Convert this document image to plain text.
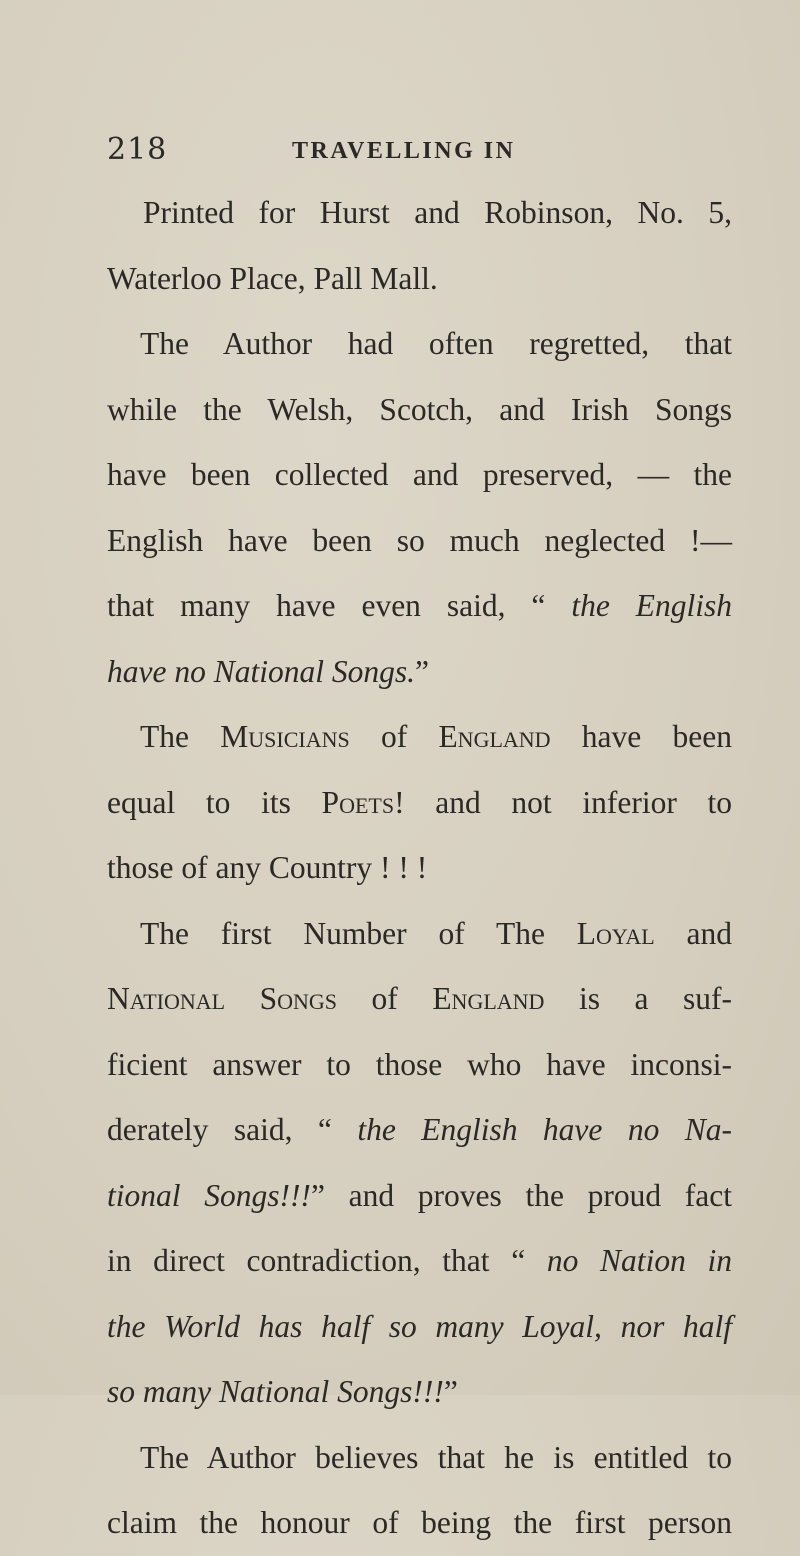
218	TRAVELLING IN
Printed for Hurst and Robinson, No. 5,
Waterloo Place, Pall Mall.
The Author had often regretted, that
while the Welsh, Scotch, and Irish Songs
have been collected and preserved, — the
English have been so much neglected !—
that many have even said, “ the English
have no National Songs.”
The Musicians of England have been
equal to its Poets! and not inferior to
those of any Country ! ! !
The first Number of The Loyal and
National Songs of England is a suf-
ficient answer to those who have inconsi-
derately said, “ the English have no Na-
tional Songs!!!” and proves the proud fact
in direct contradiction, that “ no Nation in
the World has half so many Loyal, nor half
so many National Songs!!!”
The Author believes that he is entitled to
claim the honour of being the first person
